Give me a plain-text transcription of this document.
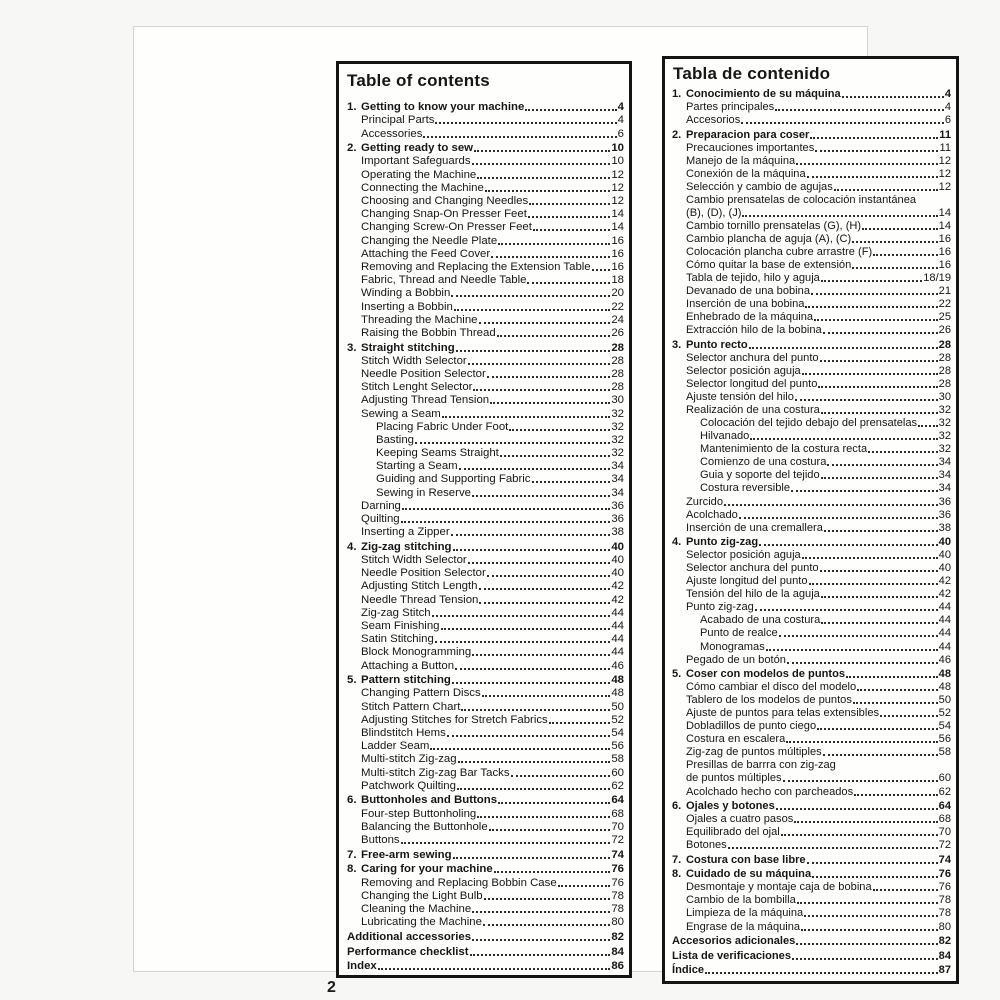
Table of contents
1. Getting to know your machine	4
Principal Parts	4
Accessories	6
2. Getting ready to sew	10
Important Safeguards	10
Operating the Machine	12
Connecting the Machine	12
Choosing and Changing Needles	12
Changing Snap-On Presser Feet	14
Changing Screw-On Presser Feet	14
Changing the Needle Plate	16
Attaching the Feed Cover	16
Removing and Replacing the Extension Table 16
Fabric, Thread and Needle Table	18
Winding a Bobbin	20
Inserting a Bobbin	22
Threading the Machine	24
Raising the Bobbin Thread	26
3. Straight stitching	28
Stitch Width Selector	28
Needle Position Selector	28
Stitch Lenght Selector	28
Adjusting Thread Tension	30
Sewing a Seam	32
Placing Fabric Under Foot	32
Basting	32
Keeping Seams Straight	32
Starting a Seam	34
Guiding and Supporting Fabric	34
Sewing in Reserve	34
Darning	36
Quilting	36
Inserting a Zipper	38
4. Zig-zag stitching	40
Stitch Width Selector	40
Needle Position Selector	40
Adjusting Stitch Length	42
Needle Thread Tension	42
Zig-zag Stitch	44
Seam Finishing	44
Satin Stitching	44
Block Monogramming	44
Attaching a Button	46
5. Pattern stitching	48
Changing Pattern Discs	48
Stitch Pattern Chart	50
Adjusting Stitches for Stretch Fabrics	52
Blindstitch Hems	54
Ladder Seam	56
Multi-stitch Zig-zag	58
Multi-stitch Zig-zag Bar Tacks	60
Patchwork Quilting	62
6. Buttonholes and Buttons	64
Four-step Buttonholing	68
Balancing the Buttonhole	70
Buttons	72
7. Free-arm sewing	74
8. Caring for your machine	76
Removing and Replacing Bobbin Case	76
Changing the Light Bulb	78
Cleaning the Machine	78
Lubricating the Machine	80
Additional accessories	82
Performance checklist	84
Index	86
Tabla de contenido
1. Conocimiento de su máquina	4
Partes principales	4
Accesorios	6
2. Preparacion para coser	11
Precauciones importantes	11
Manejo de la máquina	12
Conexión de la máquina	12
Selección y cambio de agujas	12
Cambio prensatelas de colocación instantánea
(B), (D), (J)	14
Cambio tornillo prensatelas (G), (H)	14
Cambio plancha de aguja (A), (C)	16
Colocación plancha cubre arrastre (F)	16
Cómo quitar la base de extensión	16
Tabla de tejido, hilo y aguja	18/19
Devanado de una bobina	21
Inserción de una bobina	22
Enhebrado de la máquina	25
Extracción hilo de la bobina	26
3. Punto recto	28
Selector anchura del punto	28
Selector posición aguja	28
Selector longitud del punto	28
Ajuste tensión del hilo	30
Realización de una costura	32
Colocación del tejido debajo del prensatelas 32
Hilvanado	32
Mantenimiento de la costura recta	32
Comienzo de una costura	34
Guia y soporte del tejido	34
Costura reversible	34
Zurcido	36
Acolchado	36
Inserción de una cremallera	38
4. Punto zig-zag	40
Selector posición aguja	40
Selector anchura del punto	40
Ajuste longitud del punto	42
Tensión del hilo de la aguja	42
Punto zig-zag	44
Acabado de una costura	44
Punto de realce	44
Monogramas	44
Pegado de un botón	46
5. Coser con modelos de puntos	48
Cómo cambiar el disco del modelo	48
Tablero de los modelos de puntos	50
Ajuste de puntos para telas extensibles	52
Dobladillos de punto ciego	54
Costura en escalera	56
Zig-zag de puntos múltiples	58
Presillas de barrra con zig-zag
de puntos múltiples	60
Acolchado hecho con parcheados	62
6. Ojales y botones	64
Ojales a cuatro pasos	68
Equilibrado del ojal	70
Botones	72
7. Costura con base libre	74
8. Cuidado de su máquina	76
Desmontaje y montaje caja de bobina	76
Cambio de la bombilla	78
Limpieza de la máquina	78
Engrase de la máquina	80
Accesorios adicionales	82
Lista de verificaciones	84
Índice	87
2
